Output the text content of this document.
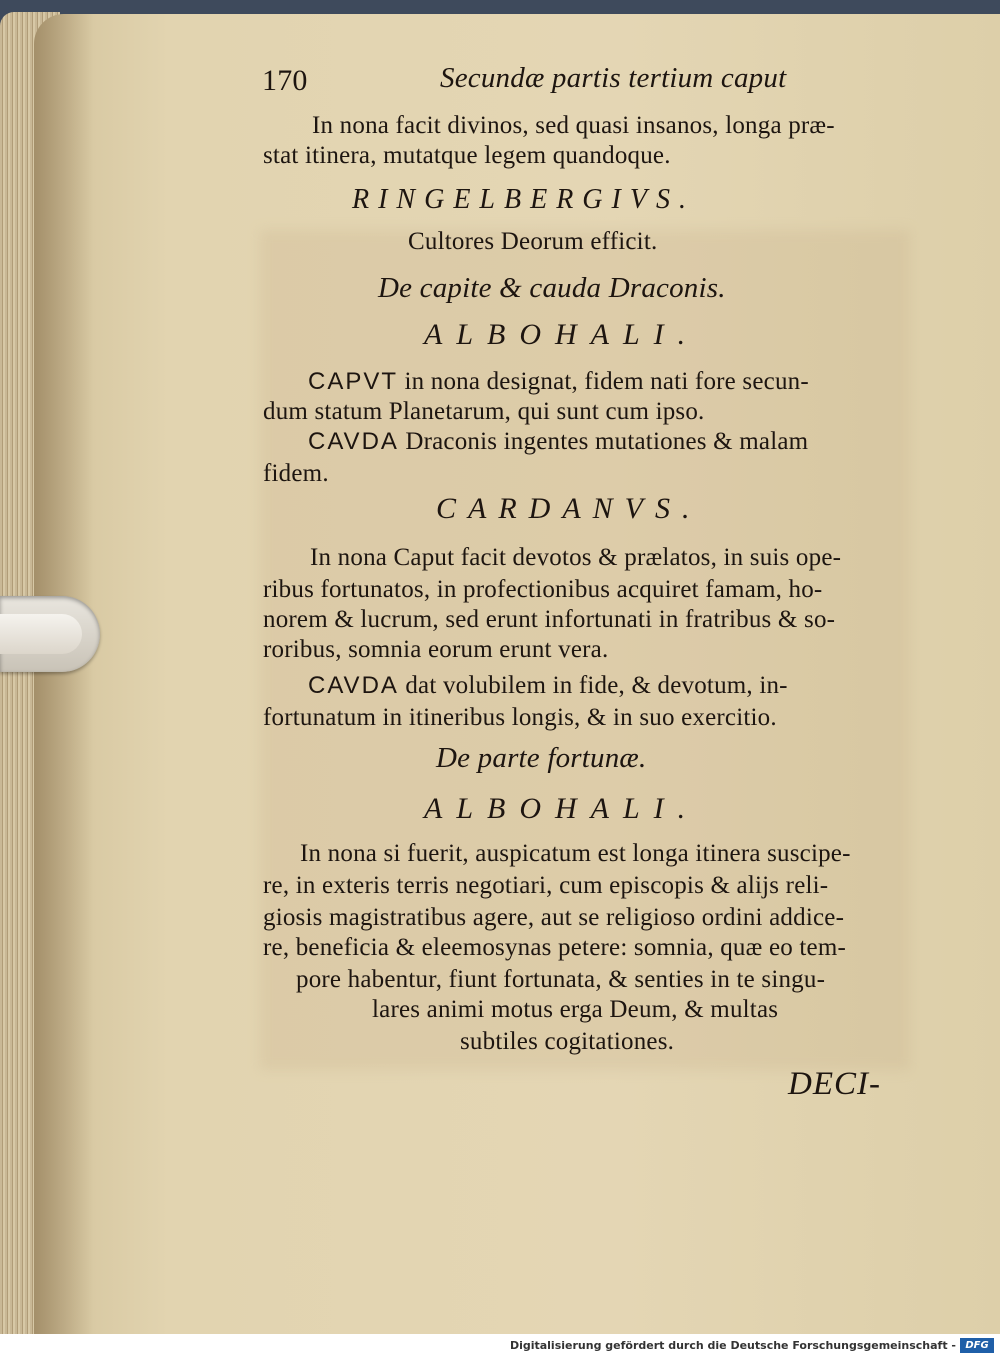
170	Secundæ partis tertium caput
In nona facit divinos, sed quasi insanos, longa præ-
stat itinera, mutatque legem quandoque.
RINGELBERGIVS.
Cultores Deorum efficit.
De capite & cauda Draconis.
ALBOHALI.
CAPVT in nona designat, fidem nati fore secun-
dum statum Planetarum, qui sunt cum ipso.
CAVDA Draconis ingentes mutationes & malam
fidem.
CARDANVS.
In nona Caput facit devotos & prælatos, in suis ope-
ribus fortunatos, in profectionibus acquiret famam, ho-
norem & lucrum, sed erunt infortunati in fratribus & so-
roribus, somnia eorum erunt vera.
CAVDA dat volubilem in fide, & devotum, in-
fortunatum in itineribus longis, & in suo exercitio.
De parte fortunæ.
ALBOHALI.
In nona si fuerit, auspicatum est longa itinera suscipe-
re, in exteris terris negotiari, cum episcopis & alijs reli-
giosis magistratibus agere, aut se religioso ordini addice-
re, beneficia & eleemosynas petere: somnia, quæ eo tem-
pore habentur, fiunt fortunata, & senties in te singu-
lares animi motus erga Deum, & multas
subtiles cogitationes.
DECI-
Digitalisierung gefördert durch die Deutsche Forschungsgemeinschaft - DFG
